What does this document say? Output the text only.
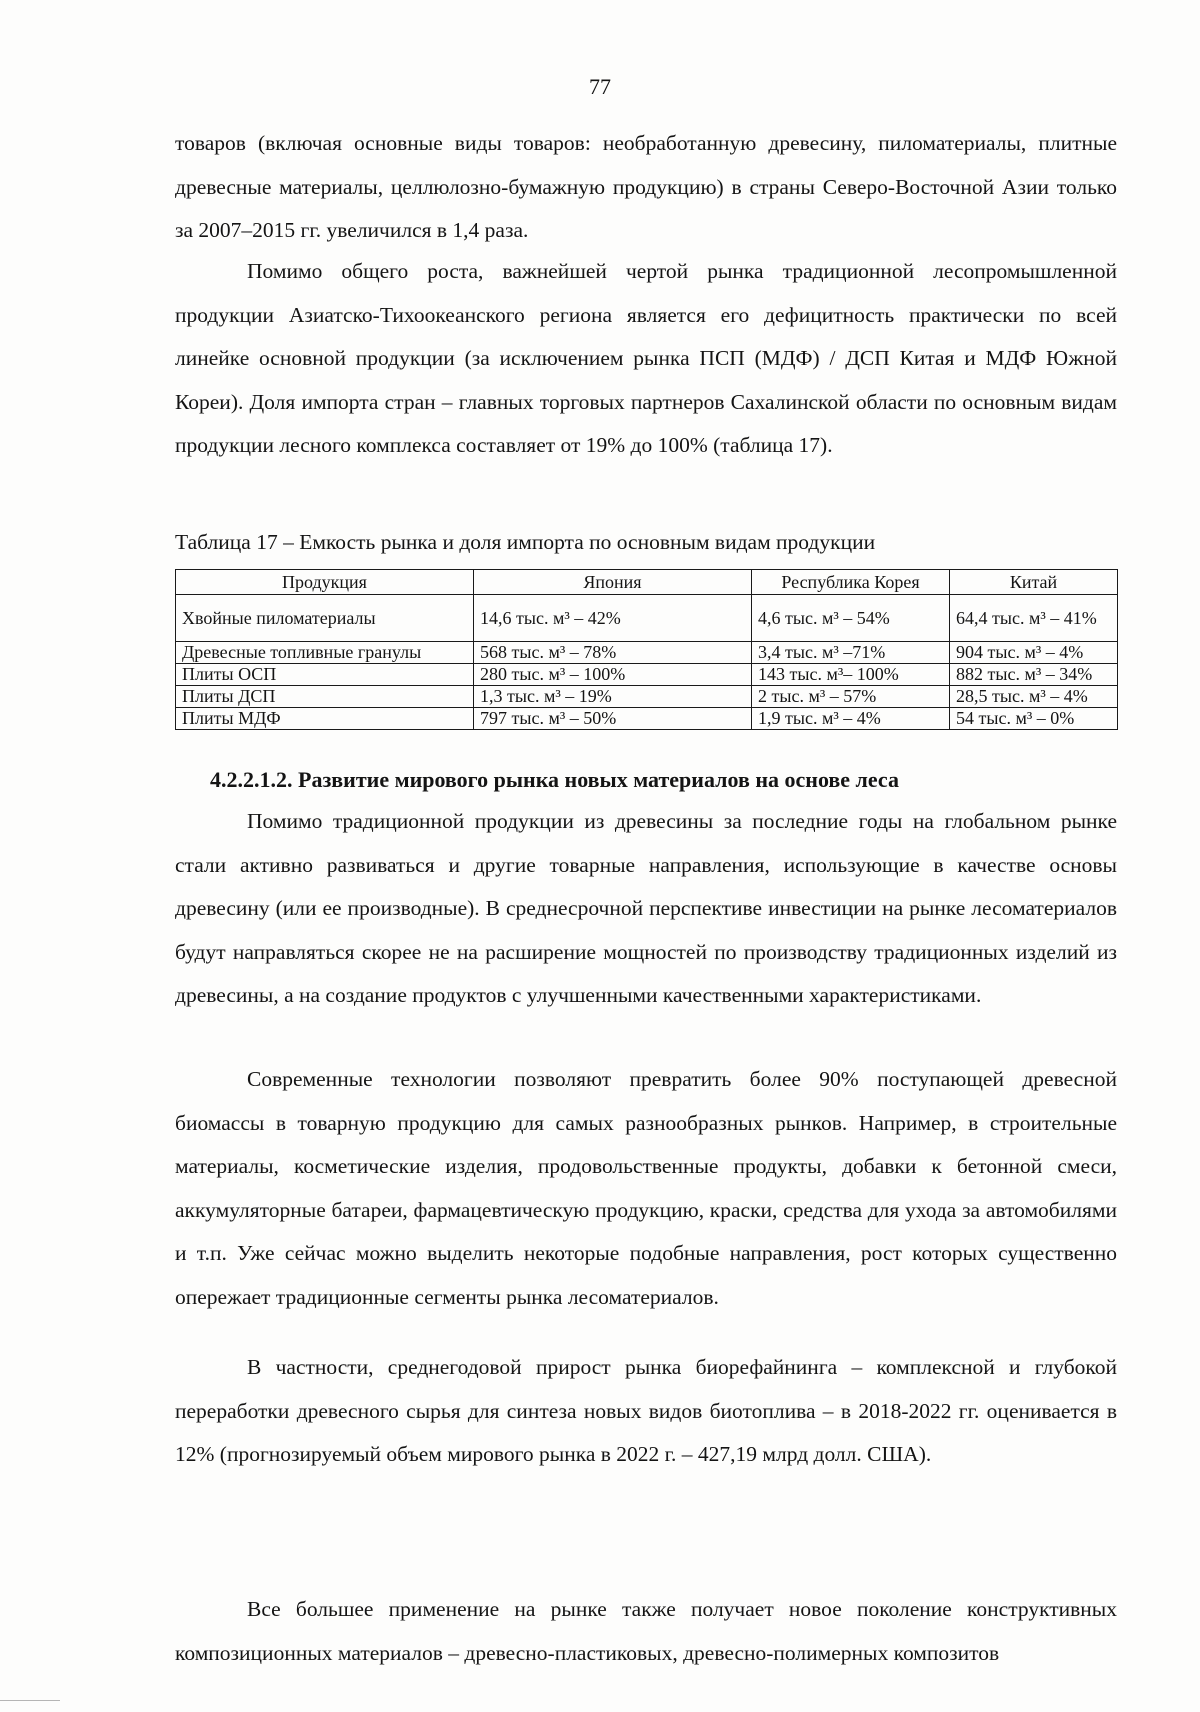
77

товаров (включая основные виды товаров: необработанную древесину, пиломатериалы, плитные древесные материалы, целлюлозно-бумажную продукцию) в страны Северо-Восточной Азии только за 2007–2015 гг. увеличился в 1,4 раза.

Помимо общего роста, важнейшей чертой рынка традиционной лесопромышленной продукции Азиатско-Тихоокеанского региона является его дефицитность практически по всей линейке основной продукции (за исключением рынка ПСП (МДФ) / ДСП Китая и МДФ Южной Кореи). Доля импорта стран – главных торговых партнеров Сахалинской области по основным видам продукции лесного комплекса составляет от 19% до 100% (таблица 17).

Таблица 17 – Емкость рынка и доля импорта по основным видам продукции

Продукция	Япония	Республика Корея	Китай
Хвойные пиломатериалы	14,6 тыс. м³ – 42%	4,6 тыс. м³ – 54%	64,4 тыс. м³ – 41%
Древесные топливные гранулы	568 тыс. м³ – 78%	3,4 тыс. м³ –71%	904 тыс. м³ – 4%
Плиты ОСП	280 тыс. м³ – 100%	143 тыс. м³– 100%	882 тыс. м³ – 34%
Плиты ДСП	1,3 тыс. м³ – 19%	2 тыс. м³ – 57%	28,5 тыс. м³ – 4%
Плиты МДФ	797 тыс. м³ – 50%	1,9 тыс. м³ – 4%	54 тыс. м³ – 0%
4.2.2.1.2. Развитие мирового рынка новых материалов на основе леса

Помимо традиционной продукции из древесины за последние годы на глобальном рынке стали активно развиваться и другие товарные направления, использующие в качестве основы древесину (или ее производные). В среднесрочной перспективе инвестиции на рынке лесоматериалов будут направляться скорее не на расширение мощностей по производству традиционных изделий из древесины, а на создание продуктов с улучшенными качественными характеристиками.

Современные технологии позволяют превратить более 90% поступающей древесной биомассы в товарную продукцию для самых разнообразных рынков. Например, в строительные материалы, косметические изделия, продовольственные продукты, добавки к бетонной смеси, аккумуляторные батареи, фармацевтическую продукцию, краски, средства для ухода за автомобилями и т.п. Уже сейчас можно выделить некоторые подобные направления, рост которых существенно опережает традиционные сегменты рынка лесоматериалов.

В частности, среднегодовой прирост рынка биорефайнинга – комплексной и глубокой переработки древесного сырья для синтеза новых видов биотоплива – в 2018-2022 гг. оценивается в 12% (прогнозируемый объем мирового рынка в 2022 г. – 427,19 млрд долл. США).

Все большее применение на рынке также получает новое поколение конструктивных композиционных материалов – древесно-пластиковых, древесно-полимерных композитов
